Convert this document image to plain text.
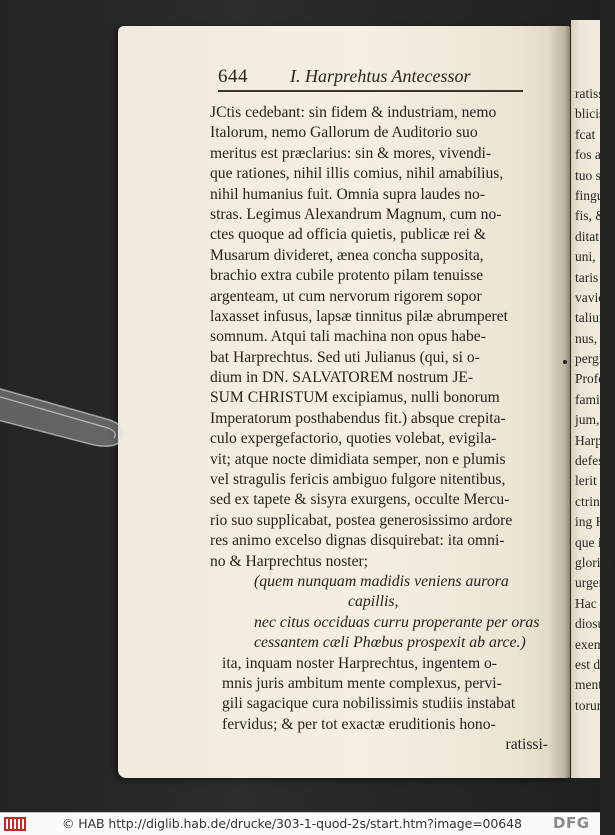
ratiss
blicis
fcat
fos a
tuo s
fingu
fis, &
ditat
uni,
taris
vavic
talium
nus,
pergi
Profe
famil
jum,
Harpi
defess
lerit v
ctrinae
ing H
que in
gloriof
urgens
Hac
diosum
exempl
est dic
menta
torum
644 I. Harprehtus Antecessor
JCtis cedebant: sin fidem & industriam, nemo
Italorum, nemo Gallorum de Auditorio suo
meritus est præclarius: sin & mores, vivendi-
que rationes, nihil illis comius, nihil amabilius,
nihil humanius fuit. Omnia supra laudes no-
stras. Legimus Alexandrum Magnum, cum no-
ctes quoque ad officia quietis, publicæ rei &
Musarum divideret, ænea concha supposita,
brachio extra cubile protento pilam tenuisse
argenteam, ut cum nervorum rigorem sopor
laxasset infusus, lapsæ tinnitus pilæ abrumperet
somnum. Atqui tali machina non opus habe-
bat Harprechtus. Sed uti Julianus (qui, si o-
dium in DN. SALVATOREM nostrum JE-
SUM CHRISTUM excipiamus, nulli bonorum
Imperatorum posthabendus fit.) absque crepita-
culo expergefactorio, quoties volebat, evigila-
vit; atque nocte dimidiata semper, non e plumis
vel stragulis fericis ambiguo fulgore nitentibus,
sed ex tapete & sisyra exurgens, occulte Mercu-
rio suo supplicabat, postea generosissimo ardore
res animo excelso dignas disquirebat: ita omni-
no & Harprechtus noster;
(quem nunquam madidis veniens aurora
capillis,
nec citus occiduas curru properante per oras
cessantem cæli Phœbus prospexit ab arce.)
ita, inquam noster Harprechtus, ingentem o-
mnis juris ambitum mente complexus, pervi-
gili sagacique cura nobilissimis studiis instabat
fervidus; & per tot exactæ eruditionis hono-
ratissi-
© HAB http://diglib.hab.de/drucke/303-1-quod-2s/start.htm?image=00648 DFG
